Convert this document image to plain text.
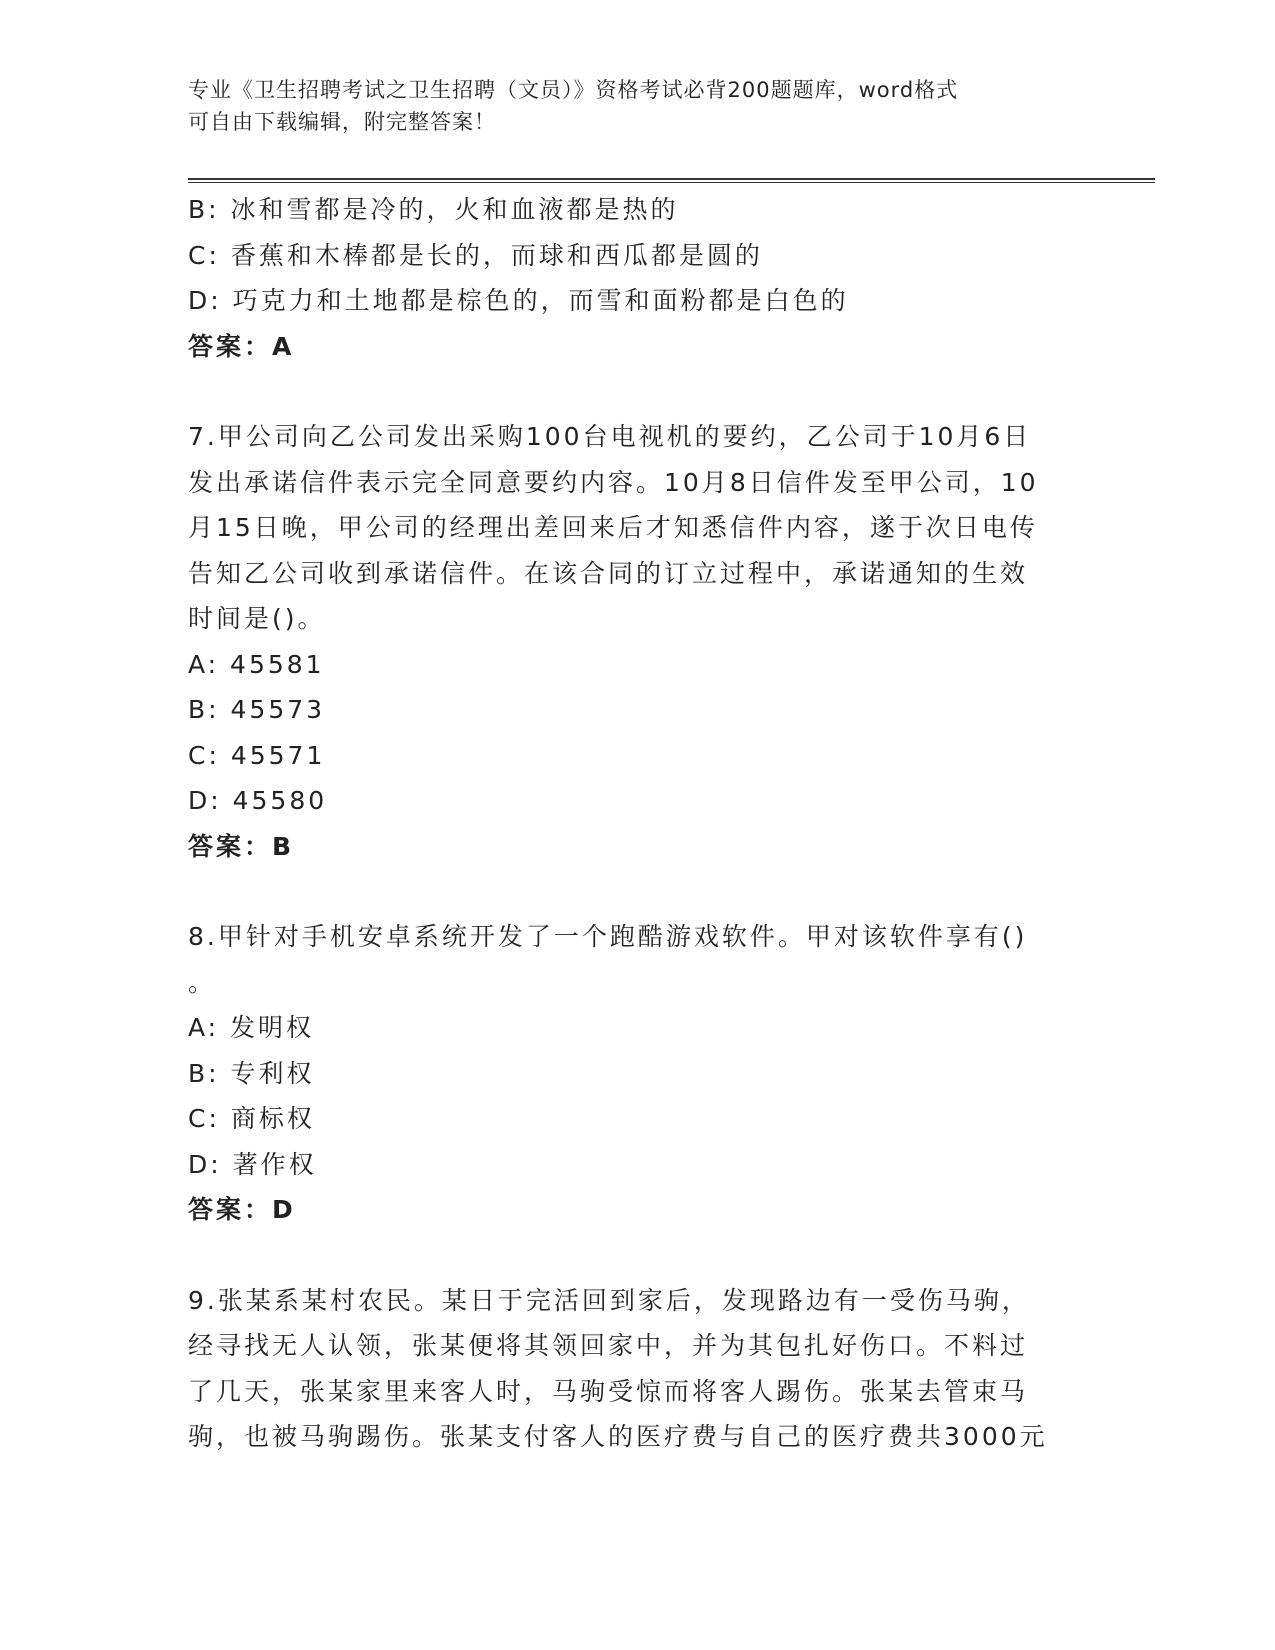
专业《卫生招聘考试之卫生招聘（文员）》资格考试必背200题题库，word格式
可自由下载编辑，附完整答案！
B: 冰和雪都是冷的，火和血液都是热的
C: 香蕉和木棒都是长的，而球和西瓜都是圆的
D: 巧克力和土地都是棕色的，而雪和面粉都是白色的
答案：A
7.甲公司向乙公司发出采购100台电视机的要约，乙公司于10月6日
发出承诺信件表示完全同意要约内容。10月8日信件发至甲公司，10
月15日晚，甲公司的经理出差回来后才知悉信件内容，遂于次日电传
告知乙公司收到承诺信件。在该合同的订立过程中，承诺通知的生效
时间是()。
A: 45581
B: 45573
C: 45571
D: 45580
答案：B
8.甲针对手机安卓系统开发了一个跑酷游戏软件。甲对该软件享有()
。
A: 发明权
B: 专利权
C: 商标权
D: 著作权
答案：D
9.张某系某村农民。某日于完活回到家后，发现路边有一受伤马驹，
经寻找无人认领，张某便将其领回家中，并为其包扎好伤口。不料过
了几天，张某家里来客人时，马驹受惊而将客人踢伤。张某去管束马
驹，也被马驹踢伤。张某支付客人的医疗费与自己的医疗费共3000元
